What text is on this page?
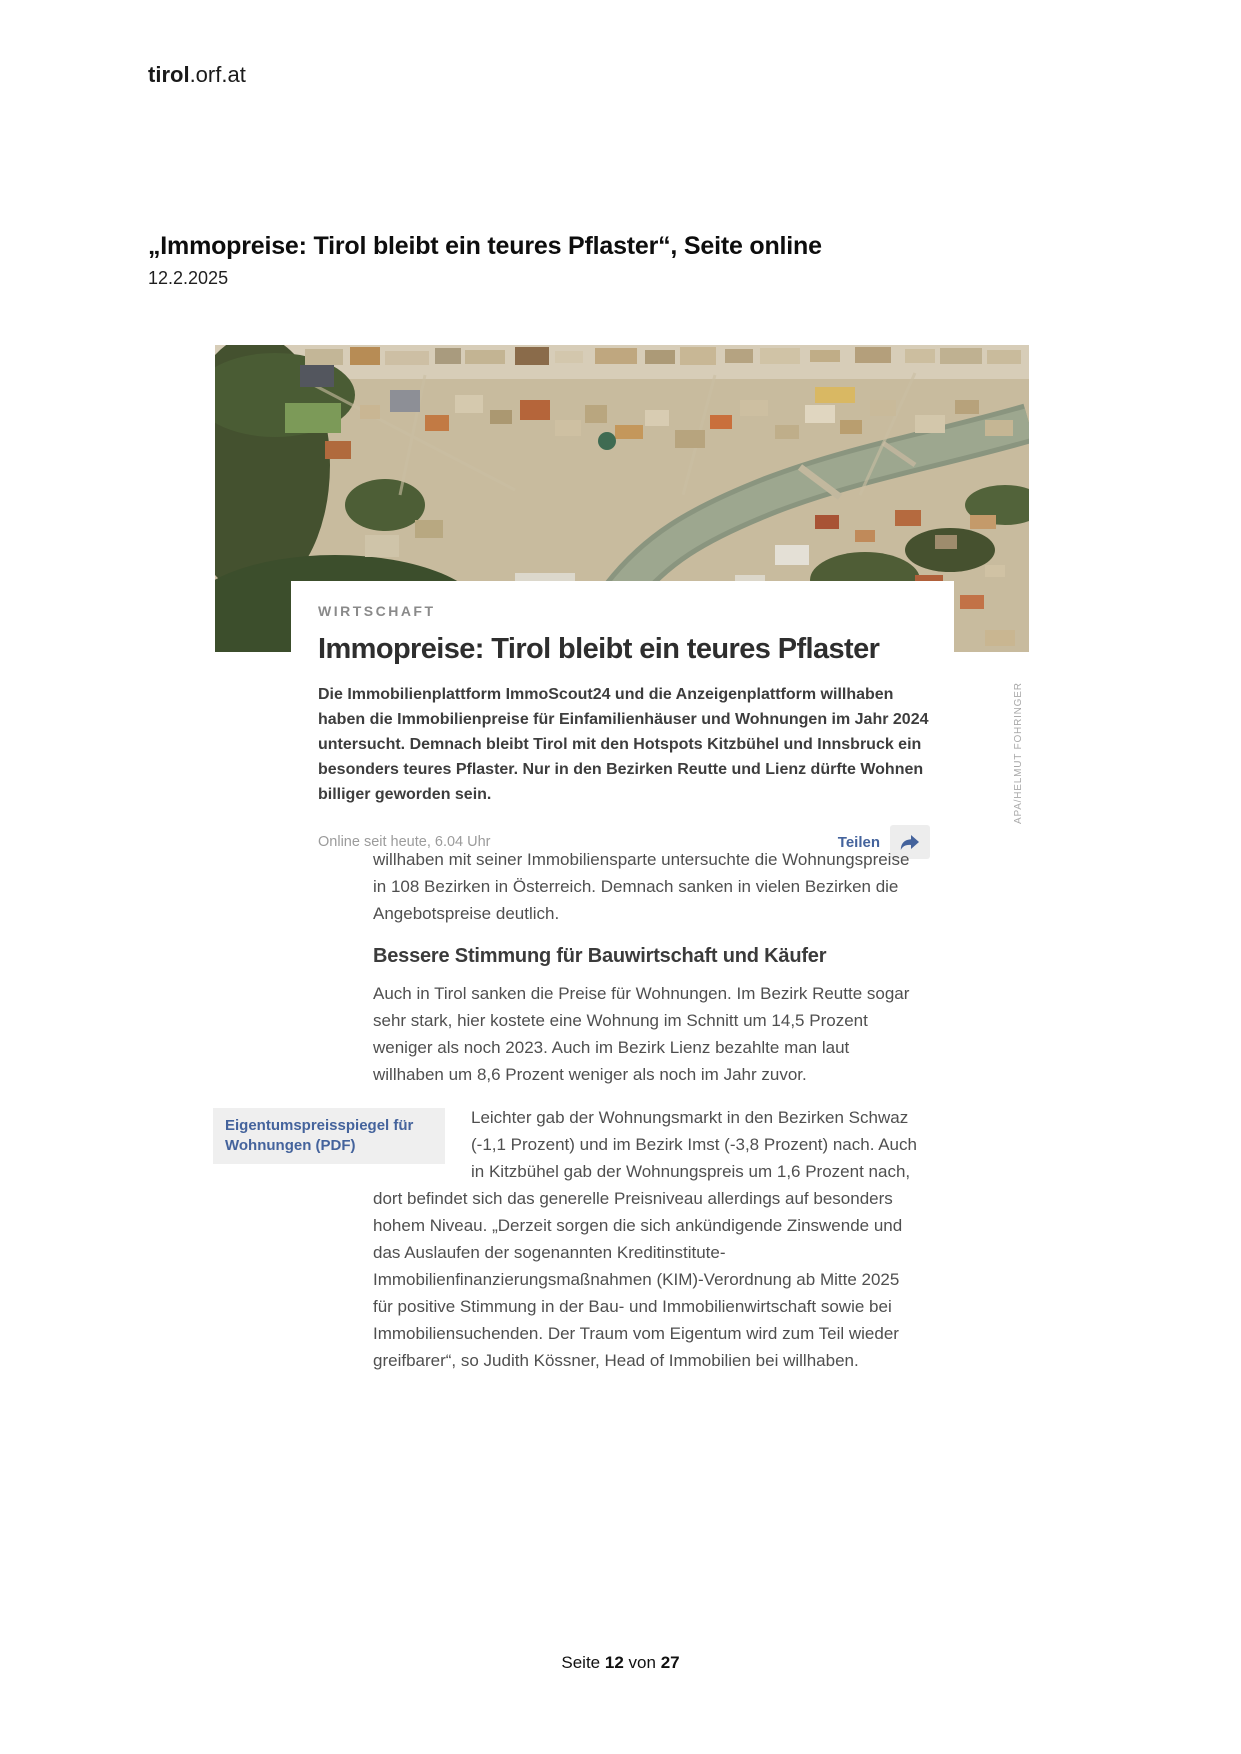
tirol.orf.at
„Immopreise: Tirol bleibt ein teures Pflaster“, Seite online
12.2.2025
APA/HELMUT FOHRINGER
WIRTSCHAFT
Immopreise: Tirol bleibt ein teures Pflaster

Die Immobilienplattform ImmoScout24 und die Anzeigenplattform willhaben haben die Immobilienpreise für Einfamilienhäuser und Wohnungen im Jahr 2024 untersucht. Demnach bleibt Tirol mit den Hotspots Kitzbühel und Innsbruck ein besonders teures Pflaster. Nur in den Bezirken Reutte und Lienz dürfte Wohnen billiger geworden sein.

Online seit heute, 6.04 Uhr	Teilen

willhaben mit seiner Immobiliensparte untersuchte die Wohnungspreise in 108 Bezirken in Österreich. Demnach sanken in vielen Bezirken die Angebotspreise deutlich.

Bessere Stimmung für Bauwirtschaft und Käufer

Auch in Tirol sanken die Preise für Wohnungen. Im Bezirk Reutte sogar sehr stark, hier kostete eine Wohnung im Schnitt um 14,5 Prozent weniger als noch 2023. Auch im Bezirk Lienz bezahlte man laut willhaben um 8,6 Prozent weniger als noch im Jahr zuvor.

Eigentumspreisspiegel für Wohnungen (PDF)
Leichter gab der Wohnungsmarkt in den Bezirken Schwaz (-1,1 Prozent) und im Bezirk Imst (-3,8 Prozent) nach. Auch in Kitzbühel gab der Wohnungspreis um 1,6 Prozent nach, dort befindet sich das generelle Preisniveau allerdings auf besonders hohem Niveau. „Derzeit sorgen die sich ankündigende Zinswende und das Auslaufen der sogenannten Kreditinstitute-Immobilienfinanzierungsmaßnahmen (KIM)-Verordnung ab Mitte 2025 für positive Stimmung in der Bau- und Immobilienwirtschaft sowie bei Immobiliensuchenden. Der Traum vom Eigentum wird zum Teil wieder greifbarer“, so Judith Kössner, Head of Immobilien bei willhaben.
Seite 12 von 27
